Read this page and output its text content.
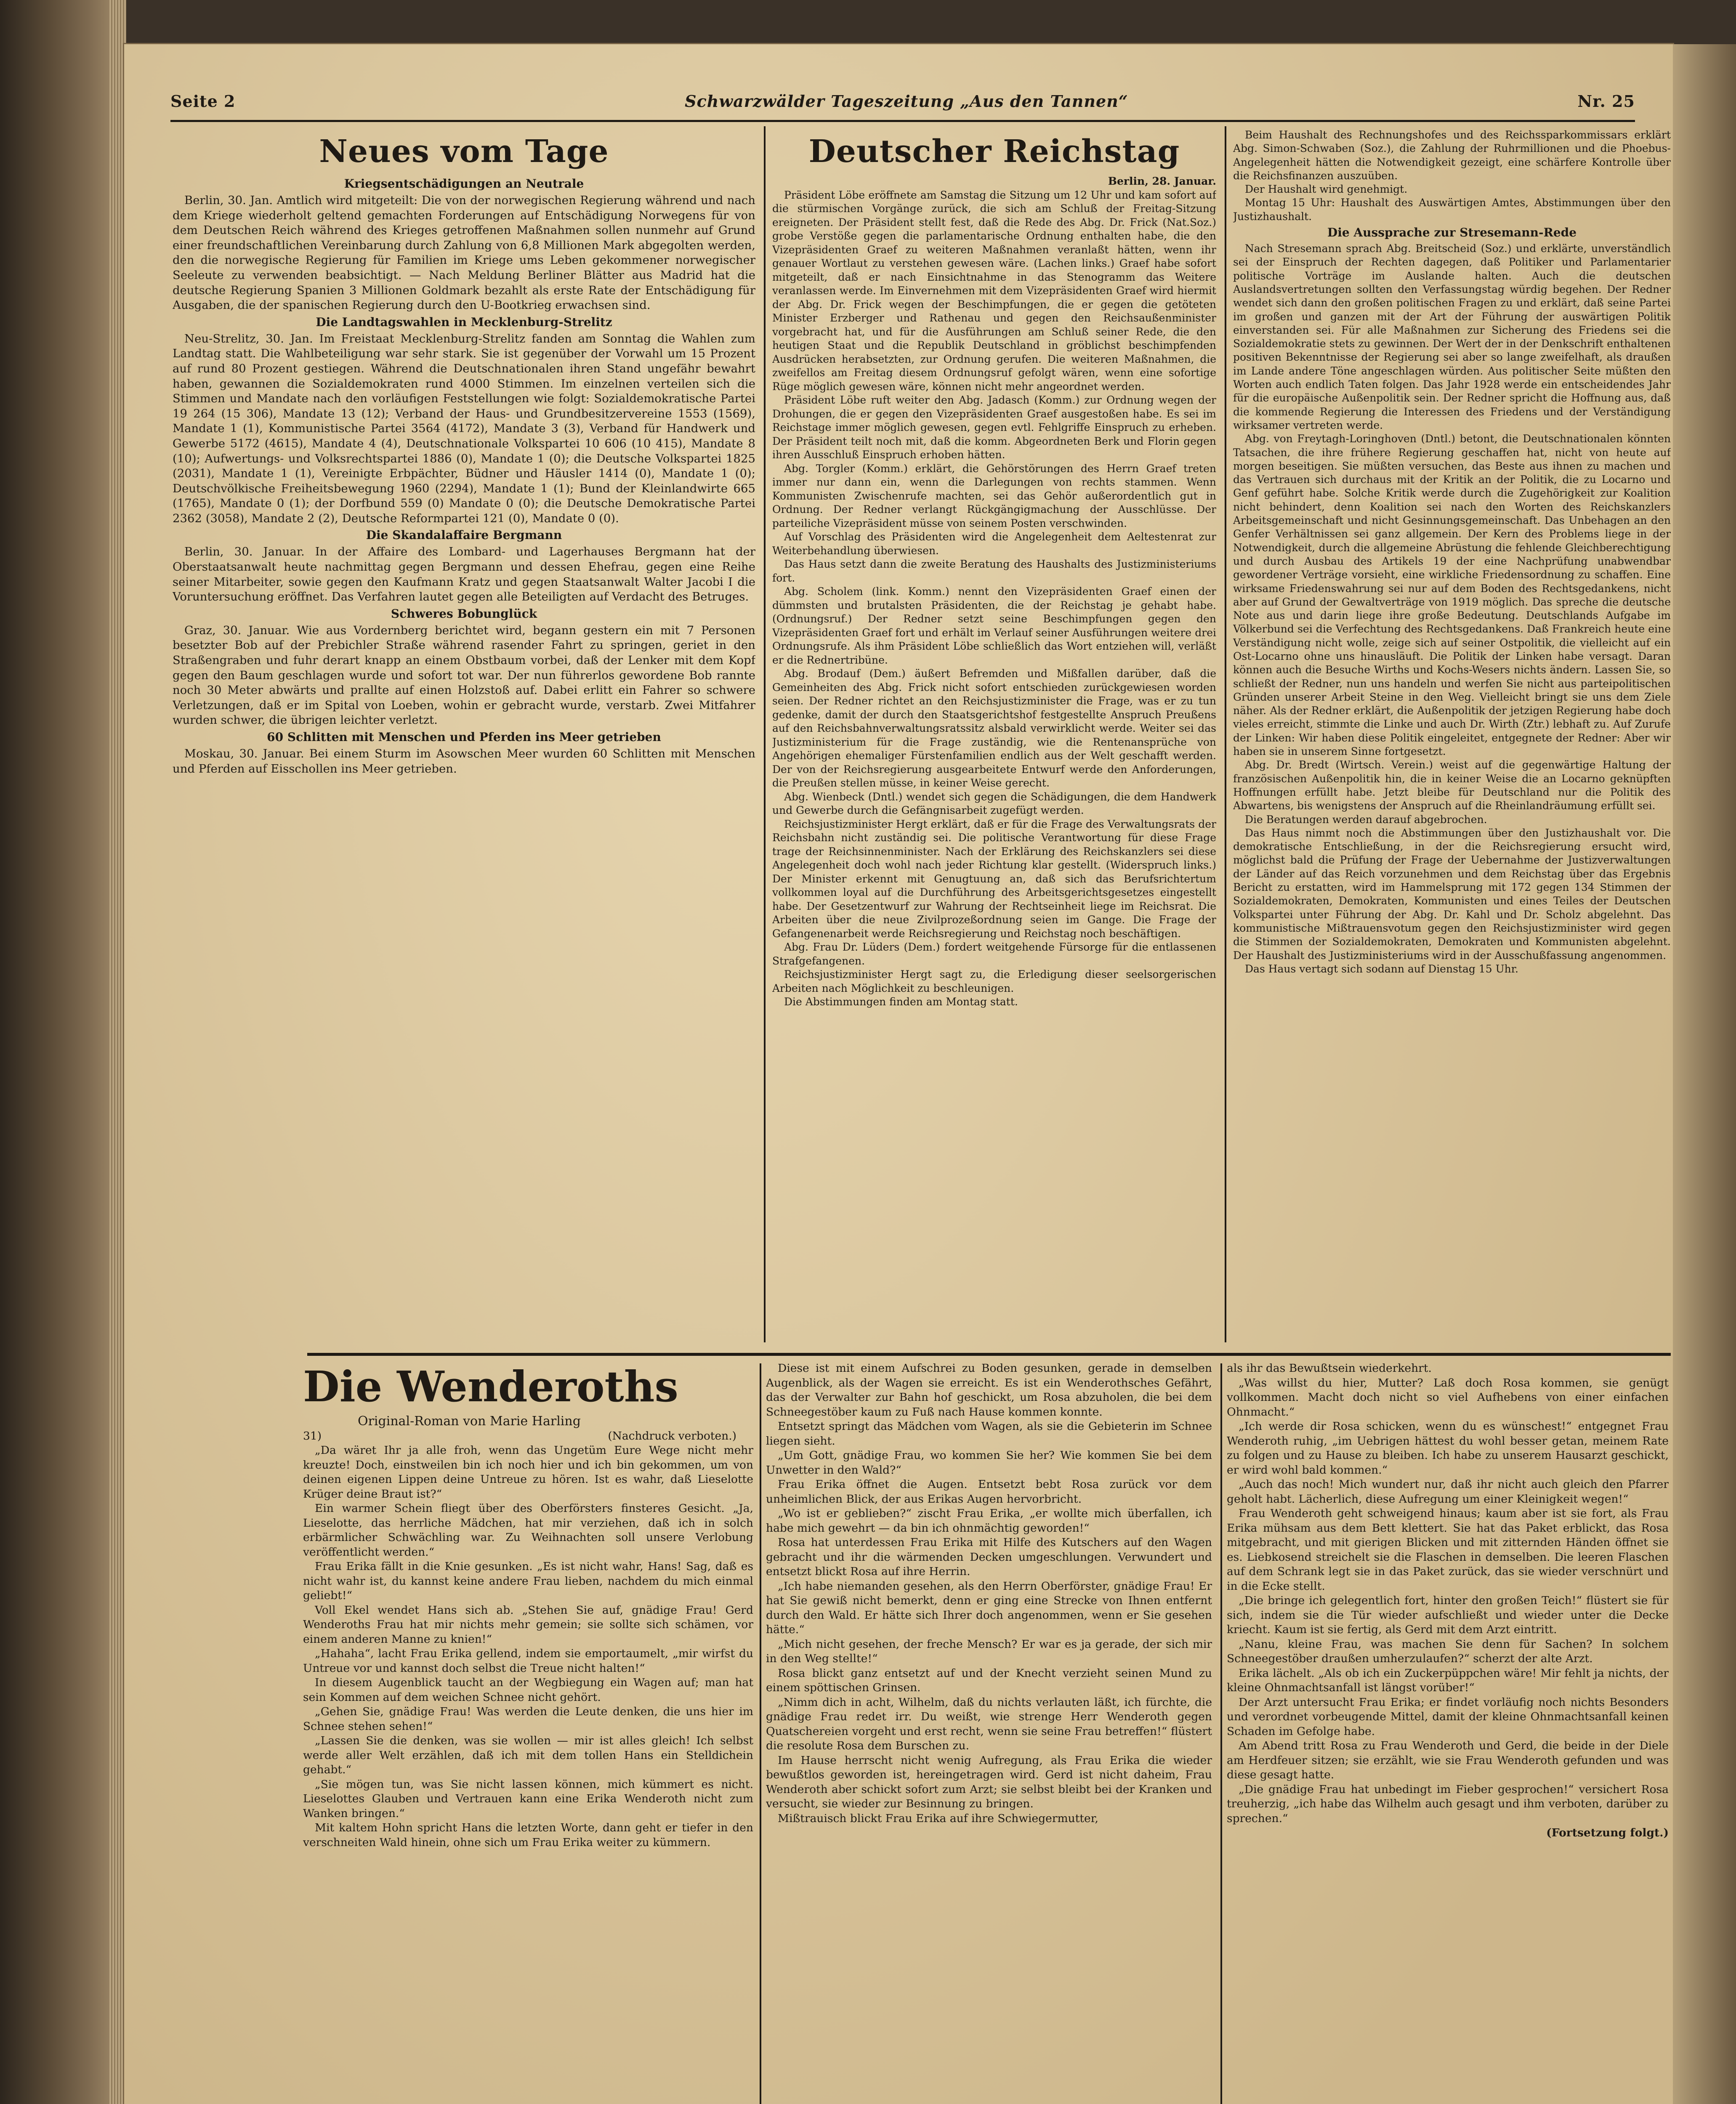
Seite 2	Schwarzwälder Tageszeitung „Aus den Tannen“	Nr. 25
Neues vom Tage
Kriegsentschädigungen an Neutrale

Berlin, 30. Jan. Amtlich wird mitgeteilt: Die von der norwegischen Regierung während und nach dem Kriege wiederholt geltend gemachten Forderungen auf Entschädigung Norwegens für von dem Deutschen Reich während des Krieges getroffenen Maßnahmen sollen nunmehr auf Grund einer freundschaftlichen Vereinbarung durch Zahlung von 6,8 Millionen Mark abgegolten werden, den die norwegische Regierung für Familien im Kriege ums Leben gekommener norwegischer Seeleute zu verwenden beabsichtigt. — Nach Meldung Berliner Blätter aus Madrid hat die deutsche Regierung Spanien 3 Millionen Goldmark bezahlt als erste Rate der Entschädigung für Ausgaben, die der spanischen Regierung durch den U-Bootkrieg erwachsen sind.

Die Landtagswahlen in Mecklenburg-Strelitz

Neu-Strelitz, 30. Jan. Im Freistaat Mecklenburg-Strelitz fanden am Sonntag die Wahlen zum Landtag statt. Die Wahlbeteiligung war sehr stark. Sie ist gegenüber der Vorwahl um 15 Prozent auf rund 80 Prozent gestiegen. Während die Deutschnationalen ihren Stand ungefähr bewahrt haben, gewannen die Sozialdemokraten rund 4000 Stimmen. Im einzelnen verteilen sich die Stimmen und Mandate nach den vorläufigen Feststellungen wie folgt: Sozialdemokratische Partei 19 264 (15 306), Mandate 13 (12); Verband der Haus- und Grundbesitzervereine 1553 (1569), Mandate 1 (1), Kommunistische Partei 3564 (4172), Mandate 3 (3), Verband für Handwerk und Gewerbe 5172 (4615), Mandate 4 (4), Deutschnationale Volkspartei 10 606 (10 415), Mandate 8 (10); Aufwertungs- und Volksrechtspartei 1886 (0), Mandate 1 (0); die Deutsche Volkspartei 1825 (2031), Mandate 1 (1), Vereinigte Erbpächter, Büdner und Häusler 1414 (0), Mandate 1 (0); Deutschvölkische Freiheitsbewegung 1960 (2294), Mandate 1 (1); Bund der Kleinlandwirte 665 (1765), Mandate 0 (1); der Dorfbund 559 (0) Mandate 0 (0); die Deutsche Demokratische Partei 2362 (3058), Mandate 2 (2), Deutsche Reformpartei 121 (0), Mandate 0 (0).

Die Skandalaffaire Bergmann

Berlin, 30. Januar. In der Affaire des Lombard- und Lagerhauses Bergmann hat der Oberstaatsanwalt heute nachmittag gegen Bergmann und dessen Ehefrau, gegen eine Reihe seiner Mitarbeiter, sowie gegen den Kaufmann Kratz und gegen Staatsanwalt Walter Jacobi I die Voruntersuchung eröffnet. Das Verfahren lautet gegen alle Beteiligten auf Verdacht des Betruges.

Schweres Bobunglück

Graz, 30. Januar. Wie aus Vordernberg berichtet wird, begann gestern ein mit 7 Personen besetzter Bob auf der Prebichler Straße während rasender Fahrt zu springen, geriet in den Straßengraben und fuhr derart knapp an einem Obstbaum vorbei, daß der Lenker mit dem Kopf gegen den Baum geschlagen wurde und sofort tot war. Der nun führerlos gewordene Bob rannte noch 30 Meter abwärts und prallte auf einen Holzstoß auf. Dabei erlitt ein Fahrer so schwere Verletzungen, daß er im Spital von Loeben, wohin er gebracht wurde, verstarb. Zwei Mitfahrer wurden schwer, die übrigen leichter verletzt.

60 Schlitten mit Menschen und Pferden ins Meer getrieben

Moskau, 30. Januar. Bei einem Sturm im Asowschen Meer wurden 60 Schlitten mit Menschen und Pferden auf Eisschollen ins Meer getrieben.

Deutscher Reichstag
Berlin, 28. Januar.

Präsident Löbe eröffnete am Samstag die Sitzung um 12 Uhr und kam sofort auf die stürmischen Vorgänge zurück, die sich am Schluß der Freitag-Sitzung ereigneten. Der Präsident stellt fest, daß die Rede des Abg. Dr. Frick (Nat.Soz.) grobe Verstöße gegen die parlamentarische Ordnung enthalten habe, die den Vizepräsidenten Graef zu weiteren Maßnahmen veranlaßt hätten, wenn ihr genauer Wortlaut zu verstehen gewesen wäre. (Lachen links.) Graef habe sofort mitgeteilt, daß er nach Einsichtnahme in das Stenogramm das Weitere veranlassen werde. Im Einvernehmen mit dem Vizepräsidenten Graef wird hiermit der Abg. Dr. Frick wegen der Beschimpfungen, die er gegen die getöteten Minister Erzberger und Rathenau und gegen den Reichsaußenminister vorgebracht hat, und für die Ausführungen am Schluß seiner Rede, die den heutigen Staat und die Republik Deutschland in gröblichst beschimpfenden Ausdrücken herabsetzten, zur Ordnung gerufen. Die weiteren Maßnahmen, die zweifellos am Freitag diesem Ordnungsruf gefolgt wären, wenn eine sofortige Rüge möglich gewesen wäre, können nicht mehr angeordnet werden.

Präsident Löbe ruft weiter den Abg. Jadasch (Komm.) zur Ordnung wegen der Drohungen, die er gegen den Vizepräsidenten Graef ausgestoßen habe. Es sei im Reichstage immer möglich gewesen, gegen evtl. Fehlgriffe Einspruch zu erheben. Der Präsident teilt noch mit, daß die komm. Abgeordneten Berk und Florin gegen ihren Ausschluß Einspruch erhoben hätten.

Abg. Torgler (Komm.) erklärt, die Gehörstörungen des Herrn Graef treten immer nur dann ein, wenn die Darlegungen von rechts stammen. Wenn Kommunisten Zwischenrufe machten, sei das Gehör außerordentlich gut in Ordnung. Der Redner verlangt Rückgängigmachung der Ausschlüsse. Der parteiliche Vizepräsident müsse von seinem Posten verschwinden.

Auf Vorschlag des Präsidenten wird die Angelegenheit dem Aeltestenrat zur Weiterbehandlung überwiesen.

Das Haus setzt dann die zweite Beratung des Haushalts des Justizministeriums fort.

Abg. Scholem (link. Komm.) nennt den Vizepräsidenten Graef einen der dümmsten und brutalsten Präsidenten, die der Reichstag je gehabt habe. (Ordnungsruf.) Der Redner setzt seine Beschimpfungen gegen den Vizepräsidenten Graef fort und erhält im Verlauf seiner Ausführungen weitere drei Ordnungsrufe. Als ihm Präsident Löbe schließlich das Wort entziehen will, verläßt er die Rednertribüne.

Abg. Brodauf (Dem.) äußert Befremden und Mißfallen darüber, daß die Gemeinheiten des Abg. Frick nicht sofort entschieden zurückgewiesen worden seien. Der Redner richtet an den Reichsjustizminister die Frage, was er zu tun gedenke, damit der durch den Staatsgerichtshof festgestellte Anspruch Preußens auf den Reichsbahnverwaltungsratssitz alsbald verwirklicht werde. Weiter sei das Justizministerium für die Frage zuständig, wie die Rentenansprüche von Angehörigen ehemaliger Fürstenfamilien endlich aus der Welt geschafft werden. Der von der Reichsregierung ausgearbeitete Entwurf werde den Anforderungen, die Preußen stellen müsse, in keiner Weise gerecht.

Abg. Wienbeck (Dntl.) wendet sich gegen die Schädigungen, die dem Handwerk und Gewerbe durch die Gefängnisarbeit zugefügt werden.

Reichsjustizminister Hergt erklärt, daß er für die Frage des Verwaltungsrats der Reichsbahn nicht zuständig sei. Die politische Verantwortung für diese Frage trage der Reichsinnenminister. Nach der Erklärung des Reichskanzlers sei diese Angelegenheit doch wohl nach jeder Richtung klar gestellt. (Widerspruch links.) Der Minister erkennt mit Genugtuung an, daß sich das Berufsrichtertum vollkommen loyal auf die Durchführung des Arbeitsgerichtsgesetzes eingestellt habe. Der Gesetzentwurf zur Wahrung der Rechtseinheit liege im Reichsrat. Die Arbeiten über die neue Zivilprozeßordnung seien im Gange. Die Frage der Gefangenenarbeit werde Reichsregierung und Reichstag noch beschäftigen.

Abg. Frau Dr. Lüders (Dem.) fordert weitgehende Fürsorge für die entlassenen Strafgefangenen.

Reichsjustizminister Hergt sagt zu, die Erledigung dieser seelsorgerischen Arbeiten nach Möglichkeit zu beschleunigen.

Die Abstimmungen finden am Montag statt.

Beim Haushalt des Rechnungshofes und des Reichssparkommissars erklärt Abg. Simon-Schwaben (Soz.), die Zahlung der Ruhrmillionen und die Phoebus-Angelegenheit hätten die Notwendigkeit gezeigt, eine schärfere Kontrolle über die Reichsfinanzen auszuüben.

Der Haushalt wird genehmigt.

Montag 15 Uhr: Haushalt des Auswärtigen Amtes, Abstimmungen über den Justizhaushalt.

Die Aussprache zur Stresemann-Rede

Nach Stresemann sprach Abg. Breitscheid (Soz.) und erklärte, unverständlich sei der Einspruch der Rechten dagegen, daß Politiker und Parlamentarier politische Vorträge im Auslande halten. Auch die deutschen Auslandsvertretungen sollten den Verfassungstag würdig begehen. Der Redner wendet sich dann den großen politischen Fragen zu und erklärt, daß seine Partei im großen und ganzen mit der Art der Führung der auswärtigen Politik einverstanden sei. Für alle Maßnahmen zur Sicherung des Friedens sei die Sozialdemokratie stets zu gewinnen. Der Wert der in der Denkschrift enthaltenen positiven Bekenntnisse der Regierung sei aber so lange zweifelhaft, als draußen im Lande andere Töne angeschlagen würden. Aus politischer Seite müßten den Worten auch endlich Taten folgen. Das Jahr 1928 werde ein entscheidendes Jahr für die europäische Außenpolitik sein. Der Redner spricht die Hoffnung aus, daß die kommende Regierung die Interessen des Friedens und der Verständigung wirksamer vertreten werde.

Abg. von Freytagh-Loringhoven (Dntl.) betont, die Deutschnationalen könnten Tatsachen, die ihre frühere Regierung geschaffen hat, nicht von heute auf morgen beseitigen. Sie müßten versuchen, das Beste aus ihnen zu machen und das Vertrauen sich durchaus mit der Kritik an der Politik, die zu Locarno und Genf geführt habe. Solche Kritik werde durch die Zugehörigkeit zur Koalition nicht behindert, denn Koalition sei nach den Worten des Reichskanzlers Arbeitsgemeinschaft und nicht Gesinnungsgemeinschaft. Das Unbehagen an den Genfer Verhältnissen sei ganz allgemein. Der Kern des Problems liege in der Notwendigkeit, durch die allgemeine Abrüstung die fehlende Gleichberechtigung und durch Ausbau des Artikels 19 der eine Nachprüfung unabwendbar gewordener Verträge vorsieht, eine wirkliche Friedensordnung zu schaffen. Eine wirksame Friedenswahrung sei nur auf dem Boden des Rechtsgedankens, nicht aber auf Grund der Gewaltverträge von 1919 möglich. Das spreche die deutsche Note aus und darin liege ihre große Bedeutung. Deutschlands Aufgabe im Völkerbund sei die Verfechtung des Rechtsgedankens. Daß Frankreich heute eine Verständigung nicht wolle, zeige sich auf seiner Ostpolitik, die vielleicht auf ein Ost-Locarno ohne uns hinausläuft. Die Politik der Linken habe versagt. Daran können auch die Besuche Wirths und Kochs-Wesers nichts ändern. Lassen Sie, so schließt der Redner, nun uns handeln und werfen Sie nicht aus parteipolitischen Gründen unserer Arbeit Steine in den Weg. Vielleicht bringt sie uns dem Ziele näher. Als der Redner erklärt, die Außenpolitik der jetzigen Regierung habe doch vieles erreicht, stimmte die Linke und auch Dr. Wirth (Ztr.) lebhaft zu. Auf Zurufe der Linken: Wir haben diese Politik eingeleitet, entgegnete der Redner: Aber wir haben sie in unserem Sinne fortgesetzt.

Abg. Dr. Bredt (Wirtsch. Verein.) weist auf die gegenwärtige Haltung der französischen Außenpolitik hin, die in keiner Weise die an Locarno geknüpften Hoffnungen erfüllt habe. Jetzt bleibe für Deutschland nur die Politik des Abwartens, bis wenigstens der Anspruch auf die Rheinlandräumung erfüllt sei.

Die Beratungen werden darauf abgebrochen.

Das Haus nimmt noch die Abstimmungen über den Justizhaushalt vor. Die demokratische Entschließung, in der die Reichsregierung ersucht wird, möglichst bald die Prüfung der Frage der Uebernahme der Justizverwaltungen der Länder auf das Reich vorzunehmen und dem Reichstag über das Ergebnis Bericht zu erstatten, wird im Hammelsprung mit 172 gegen 134 Stimmen der Sozialdemokraten, Demokraten, Kommunisten und eines Teiles der Deutschen Volkspartei unter Führung der Abg. Dr. Kahl und Dr. Scholz abgelehnt. Das kommunistische Mißtrauensvotum gegen den Reichsjustizminister wird gegen die Stimmen der Sozialdemokraten, Demokraten und Kommunisten abgelehnt. Der Haushalt des Justizministeriums wird in der Ausschußfassung angenommen.

Das Haus vertagt sich sodann auf Dienstag 15 Uhr.

Die Wenderoths
Original-Roman von Marie Harling
31)	(Nachdruck verboten.)

„Da wäret Ihr ja alle froh, wenn das Ungetüm Eure Wege nicht mehr kreuzte! Doch, einstweilen bin ich noch hier und ich bin gekommen, um von deinen eigenen Lippen deine Untreue zu hören. Ist es wahr, daß Lieselotte Krüger deine Braut ist?“

Ein warmer Schein fliegt über des Oberförsters finsteres Gesicht. „Ja, Lieselotte, das herrliche Mädchen, hat mir verziehen, daß ich in solch erbärmlicher Schwächling war. Zu Weihnachten soll unsere Verlobung veröffentlicht werden.“

Frau Erika fällt in die Knie gesunken. „Es ist nicht wahr, Hans! Sag, daß es nicht wahr ist, du kannst keine andere Frau lieben, nachdem du mich einmal geliebt!“

Voll Ekel wendet Hans sich ab. „Stehen Sie auf, gnädige Frau! Gerd Wenderoths Frau hat mir nichts mehr gemein; sie sollte sich schämen, vor einem anderen Manne zu knien!“

„Hahaha“, lacht Frau Erika gellend, indem sie emportaumelt, „mir wirfst du Untreue vor und kannst doch selbst die Treue nicht halten!“

In diesem Augenblick taucht an der Wegbiegung ein Wagen auf; man hat sein Kommen auf dem weichen Schnee nicht gehört.

„Gehen Sie, gnädige Frau! Was werden die Leute denken, die uns hier im Schnee stehen sehen!“

„Lassen Sie die denken, was sie wollen — mir ist alles gleich! Ich selbst werde aller Welt erzählen, daß ich mit dem tollen Hans ein Stelldichein gehabt.“

„Sie mögen tun, was Sie nicht lassen können, mich kümmert es nicht. Lieselottes Glauben und Vertrauen kann eine Erika Wenderoth nicht zum Wanken bringen.“

Mit kaltem Hohn spricht Hans die letzten Worte, dann geht er tiefer in den verschneiten Wald hinein, ohne sich um Frau Erika weiter zu kümmern.

Diese ist mit einem Aufschrei zu Boden gesunken, gerade in demselben Augenblick, als der Wagen sie erreicht. Es ist ein Wenderothsches Gefährt, das der Verwalter zur Bahn hof geschickt, um Rosa abzuholen, die bei dem Schneegestöber kaum zu Fuß nach Hause kommen konnte.

Entsetzt springt das Mädchen vom Wagen, als sie die Gebieterin im Schnee liegen sieht.

„Um Gott, gnädige Frau, wo kommen Sie her? Wie kommen Sie bei dem Unwetter in den Wald?“

Frau Erika öffnet die Augen. Entsetzt bebt Rosa zurück vor dem unheimlichen Blick, der aus Erikas Augen hervorbricht.

„Wo ist er geblieben?“ zischt Frau Erika, „er wollte mich überfallen, ich habe mich gewehrt — da bin ich ohnmächtig geworden!“

Rosa hat unterdessen Frau Erika mit Hilfe des Kutschers auf den Wagen gebracht und ihr die wärmenden Decken umgeschlungen. Verwundert und entsetzt blickt Rosa auf ihre Herrin.

„Ich habe niemanden gesehen, als den Herrn Oberförster, gnädige Frau! Er hat Sie gewiß nicht bemerkt, denn er ging eine Strecke von Ihnen entfernt durch den Wald. Er hätte sich Ihrer doch angenommen, wenn er Sie gesehen hätte.“

„Mich nicht gesehen, der freche Mensch? Er war es ja gerade, der sich mir in den Weg stellte!“

Rosa blickt ganz entsetzt auf und der Knecht verzieht seinen Mund zu einem spöttischen Grinsen.

„Nimm dich in acht, Wilhelm, daß du nichts verlauten läßt, ich fürchte, die gnädige Frau redet irr. Du weißt, wie strenge Herr Wenderoth gegen Quatschereien vorgeht und erst recht, wenn sie seine Frau betreffen!“ flüstert die resolute Rosa dem Burschen zu.

Im Hause herrscht nicht wenig Aufregung, als Frau Erika die wieder bewußtlos geworden ist, hereingetragen wird. Gerd ist nicht daheim, Frau Wenderoth aber schickt sofort zum Arzt; sie selbst bleibt bei der Kranken und versucht, sie wieder zur Besinnung zu bringen.

Mißtrauisch blickt Frau Erika auf ihre Schwiegermutter,

als ihr das Bewußtsein wiederkehrt.

„Was willst du hier, Mutter? Laß doch Rosa kommen, sie genügt vollkommen. Macht doch nicht so viel Aufhebens von einer einfachen Ohnmacht.“

„Ich werde dir Rosa schicken, wenn du es wünschest!“ entgegnet Frau Wenderoth ruhig, „im Uebrigen hättest du wohl besser getan, meinem Rate zu folgen und zu Hause zu bleiben. Ich habe zu unserem Hausarzt geschickt, er wird wohl bald kommen.“

„Auch das noch! Mich wundert nur, daß ihr nicht auch gleich den Pfarrer geholt habt. Lächerlich, diese Aufregung um einer Kleinigkeit wegen!“

Frau Wenderoth geht schweigend hinaus; kaum aber ist sie fort, als Frau Erika mühsam aus dem Bett klettert. Sie hat das Paket erblickt, das Rosa mitgebracht, und mit gierigen Blicken und mit zitternden Händen öffnet sie es. Liebkosend streichelt sie die Flaschen in demselben. Die leeren Flaschen auf dem Schrank legt sie in das Paket zurück, das sie wieder verschnürt und in die Ecke stellt.

„Die bringe ich gelegentlich fort, hinter den großen Teich!“ flüstert sie für sich, indem sie die Tür wieder aufschließt und wieder unter die Decke kriecht. Kaum ist sie fertig, als Gerd mit dem Arzt eintritt.

„Nanu, kleine Frau, was machen Sie denn für Sachen? In solchem Schneegestöber draußen umherzulaufen?“ scherzt der alte Arzt.

Erika lächelt. „Als ob ich ein Zuckerpüppchen wäre! Mir fehlt ja nichts, der kleine Ohnmachtsanfall ist längst vorüber!“

Der Arzt untersucht Frau Erika; er findet vorläufig noch nichts Besonders und verordnet vorbeugende Mittel, damit der kleine Ohnmachtsanfall keinen Schaden im Gefolge habe.

Am Abend tritt Rosa zu Frau Wenderoth und Gerd, die beide in der Diele am Herdfeuer sitzen; sie erzählt, wie sie Frau Wenderoth gefunden und was diese gesagt hatte.

„Die gnädige Frau hat unbedingt im Fieber gesprochen!“ versichert Rosa treuherzig, „ich habe das Wilhelm auch gesagt und ihm verboten, darüber zu sprechen.“

(Fortsetzung folgt.)
